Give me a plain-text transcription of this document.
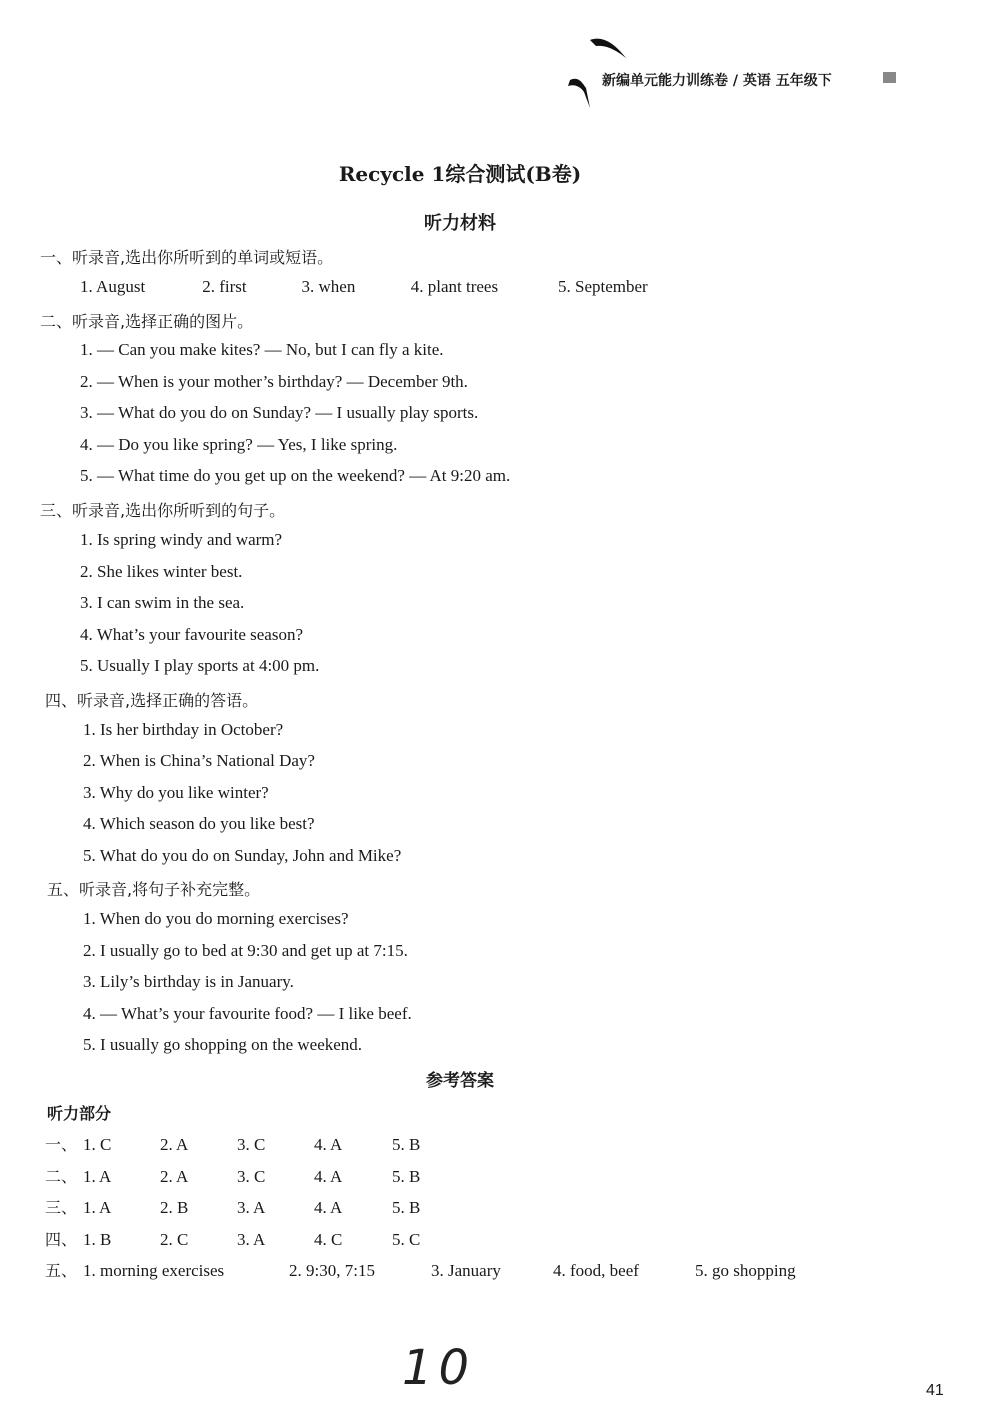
新编单元能力训练卷 / 英语 五年级下
Recycle 1综合测试(B卷)
听力材料
一、听录音,选出你所听到的单词或短语。
1. August	2. first	3. when	4. plant trees	5. September
二、听录音,选择正确的图片。
1. — Can you make kites? — No, but I can fly a kite.
2. — When is your mother’s birthday? — December 9th.
3. — What do you do on Sunday? — I usually play sports.
4. — Do you like spring? — Yes, I like spring.
5. — What time do you get up on the weekend? — At 9:20 am.
三、听录音,选出你所听到的句子。
1. Is spring windy and warm?
2. She likes winter best.
3. I can swim in the sea.
4. What’s your favourite season?
5. Usually I play sports at 4:00 pm.
四、听录音,选择正确的答语。
1. Is her birthday in October?
2. When is China’s National Day?
3. Why do you like winter?
4. Which season do you like best?
5. What do you do on Sunday, John and Mike?
五、听录音,将句子补充完整。
1. When do you do morning exercises?
2. I usually go to bed at 9:30 and get up at 7:15.
3. Lily’s birthday is in January.
4. — What’s your favourite food? — I like beef.
5. I usually go shopping on the weekend.
参考答案
听力部分
一、 1. C	2. A	3. C	4. A	5. B
二、 1. A	2. A	3. C	4. A	5. B
三、 1. A	2. B	3. A	4. A	5. B
四、 1. B	2. C	3. A	4. C	5. C
五、 1. morning exercises	2. 9:30, 7:15	3. January	4. food, beef	5. go shopping
10	41
